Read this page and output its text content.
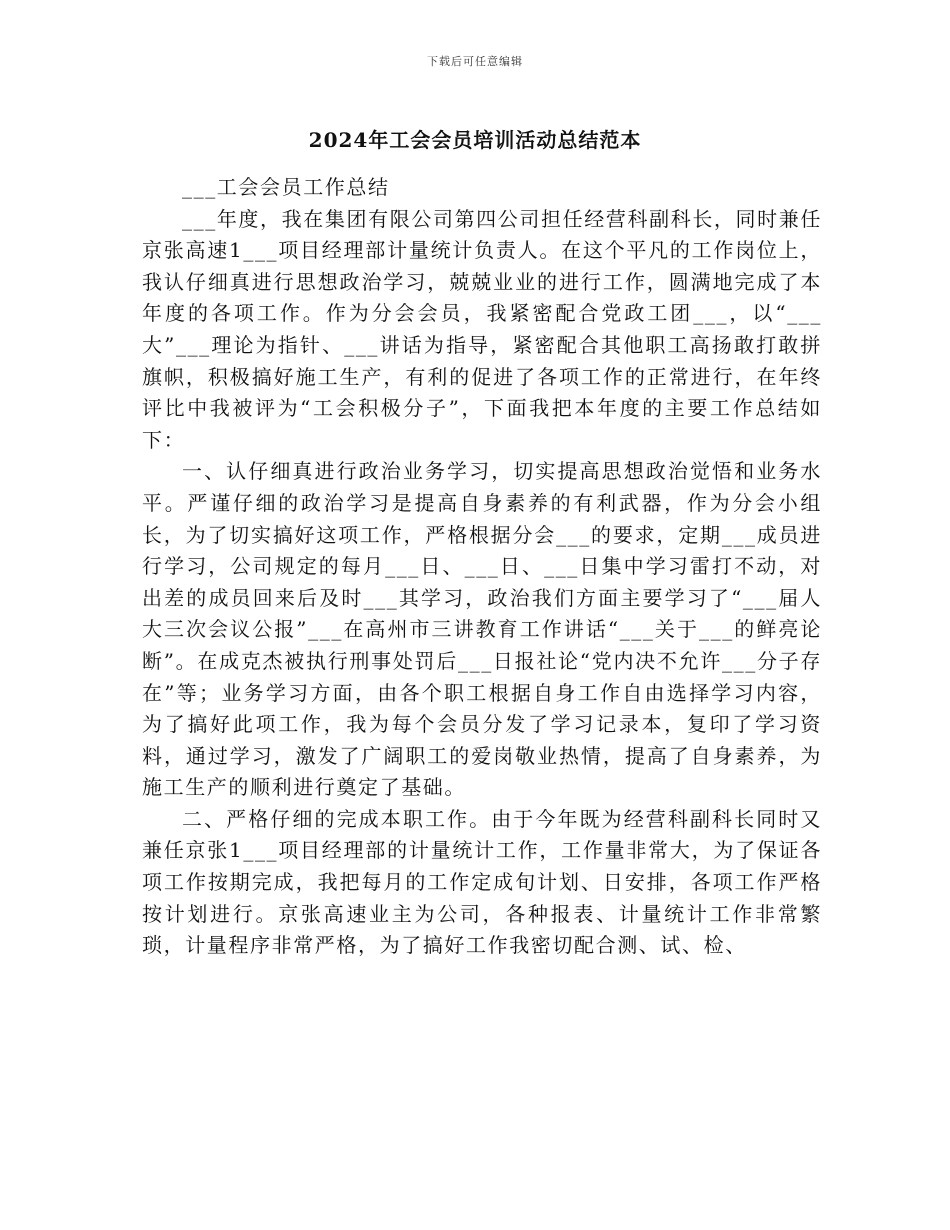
下载后可任意编辑
2024年工会会员培训活动总结范本

___工会会员工作总结

___年度，我在集团有限公司第四公司担任经营科副科长，同时兼任京张高速1___项目经理部计量统计负责人。在这个平凡的工作岗位上，我认仔细真进行思想政治学习，兢兢业业的进行工作，圆满地完成了本年度的各项工作。作为分会会员，我紧密配合党政工团___，以“___大”___理论为指针、___讲话为指导，紧密配合其他职工高扬敢打敢拼旗帜，积极搞好施工生产，有利的促进了各项工作的正常进行，在年终评比中我被评为“工会积极分子”，下面我把本年度的主要工作总结如下：

一、认仔细真进行政治业务学习，切实提高思想政治觉悟和业务水平。严谨仔细的政治学习是提高自身素养的有利武器，作为分会小组长，为了切实搞好这项工作，严格根据分会___的要求，定期___成员进行学习，公司规定的每月___日、___日、___日集中学习雷打不动，对出差的成员回来后及时___其学习，政治我们方面主要学习了“___届人大三次会议公报”___在高州市三讲教育工作讲话“___关于___的鲜亮论断”。在成克杰被执行刑事处罚后___日报社论“党内决不允许___分子存在”等；业务学习方面，由各个职工根据自身工作自由选择学习内容，为了搞好此项工作，我为每个会员分发了学习记录本，复印了学习资料，通过学习，激发了广阔职工的爱岗敬业热情，提高了自身素养，为施工生产的顺利进行奠定了基础。

二、严格仔细的完成本职工作。由于今年既为经营科副科长同时又兼任京张1___项目经理部的计量统计工作，工作量非常大，为了保证各项工作按期完成，我把每月的工作定成旬计划、日安排，各项工作严格按计划进行。京张高速业主为公司，各种报表、计量统计工作非常繁琐，计量程序非常严格，为了搞好工作我密切配合测、试、检、
